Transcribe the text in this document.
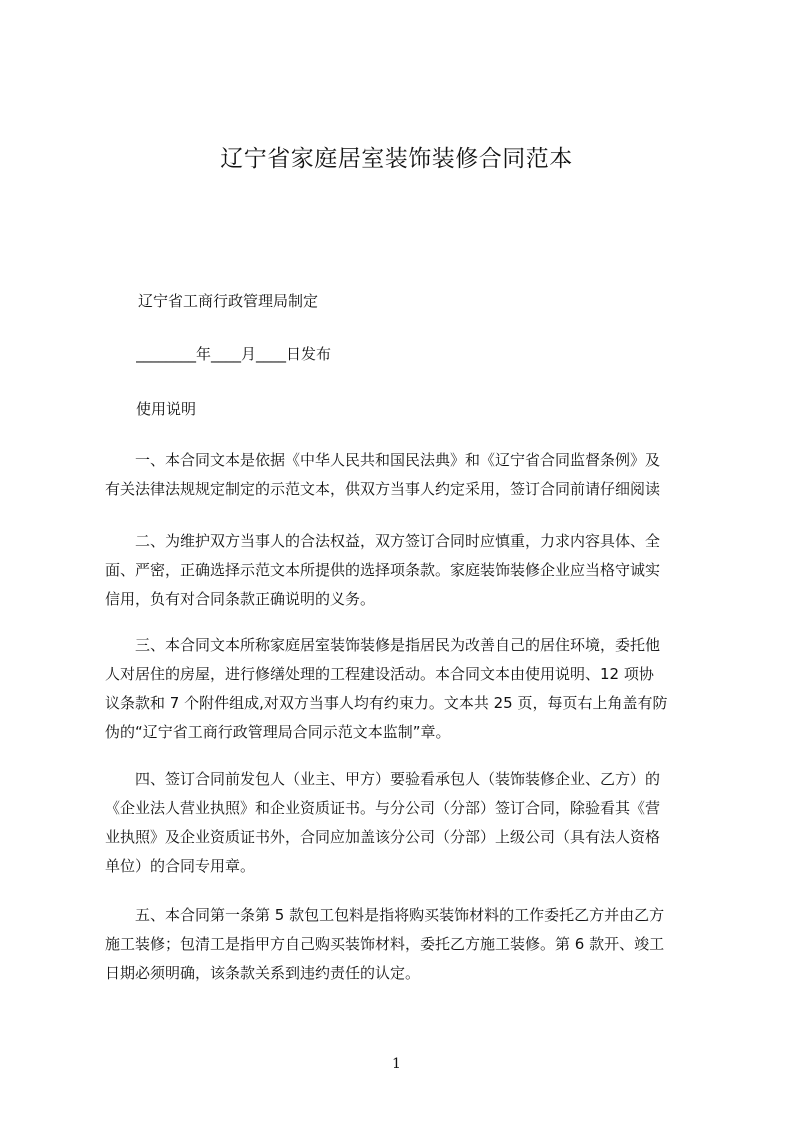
辽宁省家庭居室装饰装修合同范本
辽宁省工商行政管理局制定
________年____月____日发布
使用说明
一、本合同文本是依据《中华人民共和国民法典》和《辽宁省合同监督条例》及
有关法律法规规定制定的示范文本，供双方当事人约定采用，签订合同前请仔细阅读
二、为维护双方当事人的合法权益，双方签订合同时应慎重，力求内容具体、全
面、严密，正确选择示范文本所提供的选择项条款。家庭装饰装修企业应当格守诚实
信用，负有对合同条款正确说明的义务。
三、本合同文本所称家庭居室装饰装修是指居民为改善自己的居住环境，委托他
人对居住的房屋，进行修缮处理的工程建设活动。本合同文本由使用说明、12 项协
议条款和 7 个附件组成,对双方当事人均有约束力。文本共 25 页，每页右上角盖有防
伪的“辽宁省工商行政管理局合同示范文本监制”章。
四、签订合同前发包人（业主、甲方）要验看承包人（装饰装修企业、乙方）的
《企业法人营业执照》和企业资质证书。与分公司（分部）签订合同，除验看其《营
业执照》及企业资质证书外，合同应加盖该分公司（分部）上级公司（具有法人资格
单位）的合同专用章。
五、本合同第一条第 5 款包工包料是指将购买装饰材料的工作委托乙方并由乙方
施工装修；包清工是指甲方自己购买装饰材料，委托乙方施工装修。第 6 款开、竣工
日期必须明确，该条款关系到违约责任的认定。
1
